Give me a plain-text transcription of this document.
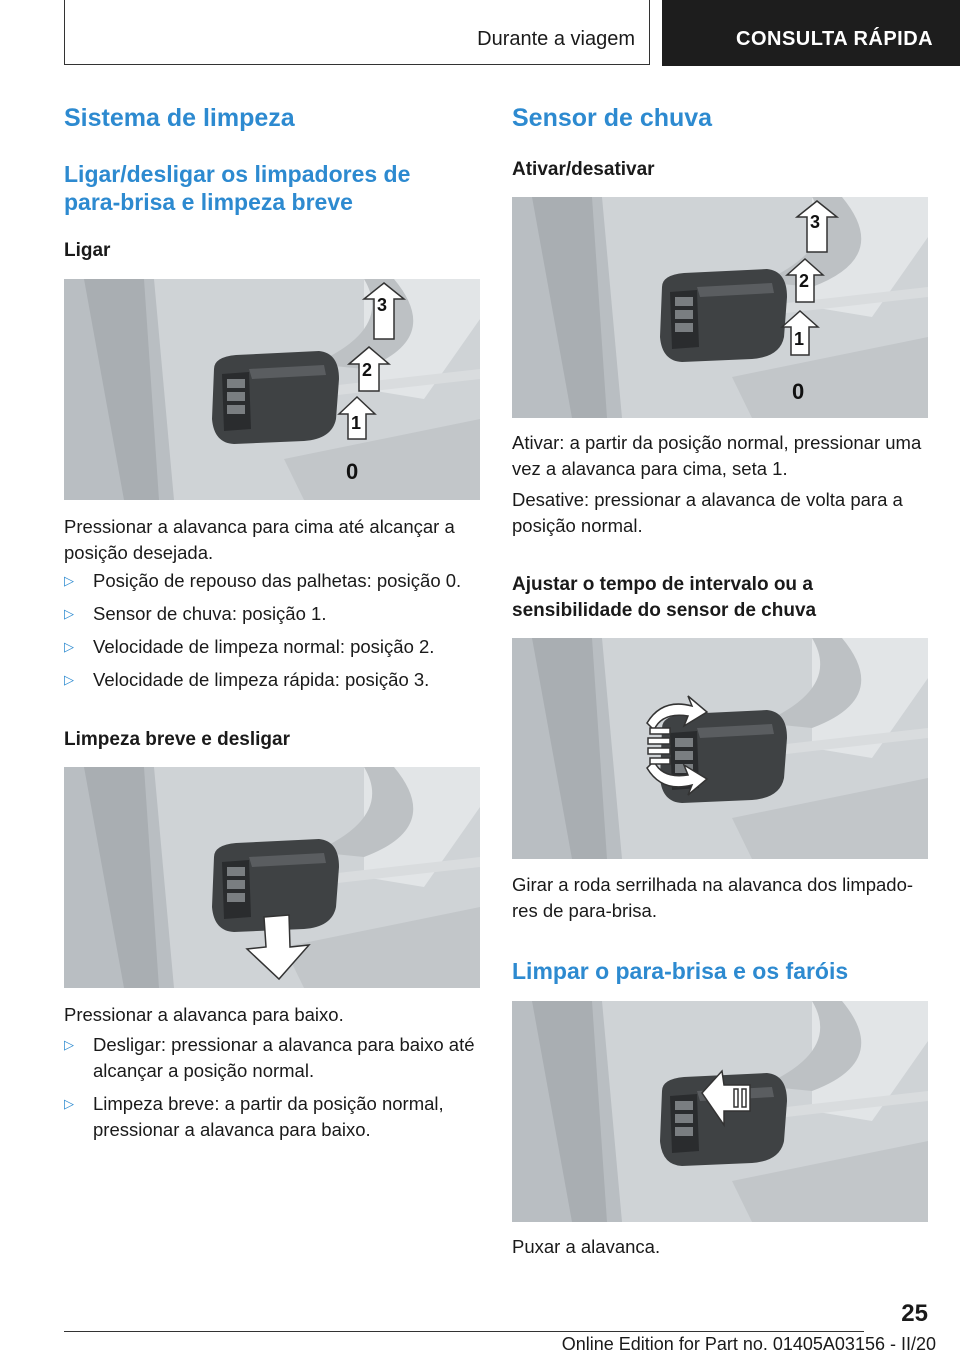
Durante a viagem	CONSULTA RÁPIDA
Sistema de limpeza
Ligar/desligar os limpadores de para-brisa e limpeza breve
Ligar
3
2
1
0

Pressionar a alavanca para cima até alcançar a posição desejada.

▷ Posição de repouso das palhetas: posição 0.
▷ Sensor de chuva: posição 1.
▷ Velocidade de limpeza normal: posição 2.
▷ Velocidade de limpeza rápida: posição 3.
Limpeza breve e desligar

Pressionar a alavanca para baixo.

▷ Desligar: pressionar a alavanca para baixo até alcançar a posição normal.
▷ Limpeza breve: a partir da posição normal, pressionar a alavanca para baixo.
Sensor de chuva
Ativar/desativar
3
2
1
0

Ativar: a partir da posição normal, pressionar uma vez a alavanca para cima, seta 1.

Desative: pressionar a alavanca de volta para a posição normal.

Ajustar o tempo de intervalo ou a sensibilidade do sensor de chuva

Girar a roda serrilhada na alavanca dos limpado-res de para-brisa.

Limpar o para-brisa e os faróis

Puxar a alavanca.

25
Online Edition for Part no. 01405A03156 - II/20
